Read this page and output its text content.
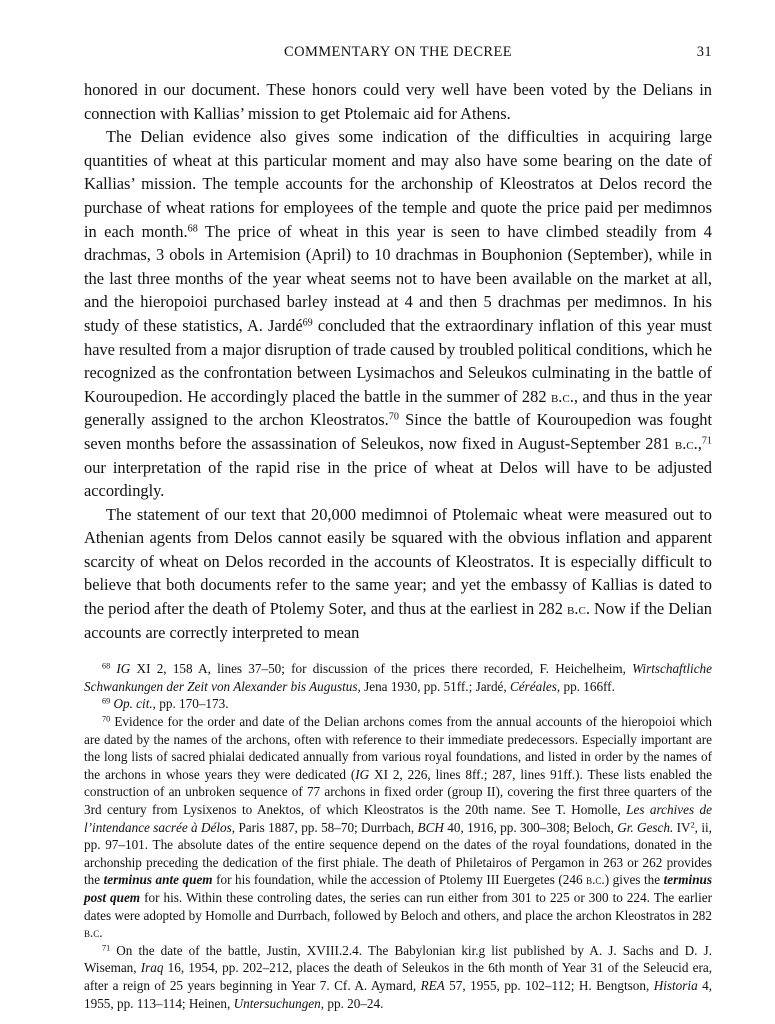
COMMENTARY ON THE DECREE	31

honored in our document. These honors could very well have been voted by the Delians in connection with Kallias’ mission to get Ptolemaic aid for Athens.

The Delian evidence also gives some indication of the difficulties in acquiring large quantities of wheat at this particular moment and may also have some bearing on the date of Kallias’ mission. The temple accounts for the archonship of Kleostratos at Delos record the purchase of wheat rations for employees of the temple and quote the price paid per medimnos in each month.$^{68}$ The price of wheat in this year is seen to have climbed steadily from 4 drachmas, 3 obols in Artemision (April) to 10 drachmas in Bouphonion (September), while in the last three months of the year wheat seems not to have been available on the market at all, and the hieropoioi purchased barley instead at 4 and then 5 drachmas per medimnos. In his study of these statistics, A. Jardé$^{69}$ concluded that the extraordinary inflation of this year must have resulted from a major disruption of trade caused by troubled political conditions, which he recognized as the confrontation between Lysimachos and Seleukos culminating in the battle of Kouroupedion. He accordingly placed the battle in the summer of 282 b.c., and thus in the year generally assigned to the archon Kleostratos.$^{70}$ Since the battle of Kouroupedion was fought seven months before the assassination of Seleukos, now fixed in August-September 281 b.c.,$^{71}$ our interpretation of the rapid rise in the price of wheat at Delos will have to be adjusted accordingly.

The statement of our text that 20,000 medimnoi of Ptolemaic wheat were measured out to Athenian agents from Delos cannot easily be squared with the obvious inflation and apparent scarcity of wheat on Delos recorded in the accounts of Kleostratos. It is especially difficult to believe that both documents refer to the same year; and yet the embassy of Kallias is dated to the period after the death of Ptolemy Soter, and thus at the earliest in 282 b.c. Now if the Delian accounts are correctly interpreted to mean

$^{68}$ IG XI 2, 158 A, lines 37–50; for discussion of the prices there recorded, F. Heichelheim, Wirtschaftliche Schwankungen der Zeit von Alexander bis Augustus, Jena 1930, pp. 51ff.; Jardé, Céréales, pp. 166ff.

$^{69}$ Op. cit., pp. 170–173.

$^{70}$ Evidence for the order and date of the Delian archons comes from the annual accounts of the hieropoioi which are dated by the names of the archons, often with reference to their immediate predecessors. Especially important are the long lists of sacred phialai dedicated annually from various royal foundations, and listed in order by the names of the archons in whose years they were dedicated (IG XI 2, 226, lines 8ff.; 287, lines 91ff.). These lists enabled the construction of an unbroken sequence of 77 archons in fixed order (group II), covering the first three quarters of the 3rd century from Lysixenos to Anektos, of which Kleostratos is the 20th name. See T. Homolle, Les archives de l’intendance sacrée à Délos, Paris 1887, pp. 58–70; Durrbach, BCH 40, 1916, pp. 300–308; Beloch, Gr. Gesch. $IV^2$, ii, pp. 97–101. The absolute dates of the entire sequence depend on the dates of the royal foundations, donated in the archonship preceding the dedication of the first phiale. The death of Philetairos of Pergamon in 263 or 262 provides the terminus ante quem for his foundation, while the accession of Ptolemy III Euergetes (246 b.c.) gives the terminus post quem for his. Within these controling dates, the series can run either from 301 to 225 or 300 to 224. The earlier dates were adopted by Homolle and Durrbach, followed by Beloch and others, and place the archon Kleostratos in 282 b.c.

$^{71}$ On the date of the battle, Justin, XVIII.2.4. The Babylonian kir.g list published by A. J. Sachs and D. J. Wiseman, Iraq 16, 1954, pp. 202–212, places the death of Seleukos in the 6th month of Year 31 of the Seleucid era, after a reign of 25 years beginning in Year 7. Cf. A. Aymard, REA 57, 1955, pp. 102–112; H. Bengtson, Historia 4, 1955, pp. 113–114; Heinen, Untersuchungen, pp. 20–24.
